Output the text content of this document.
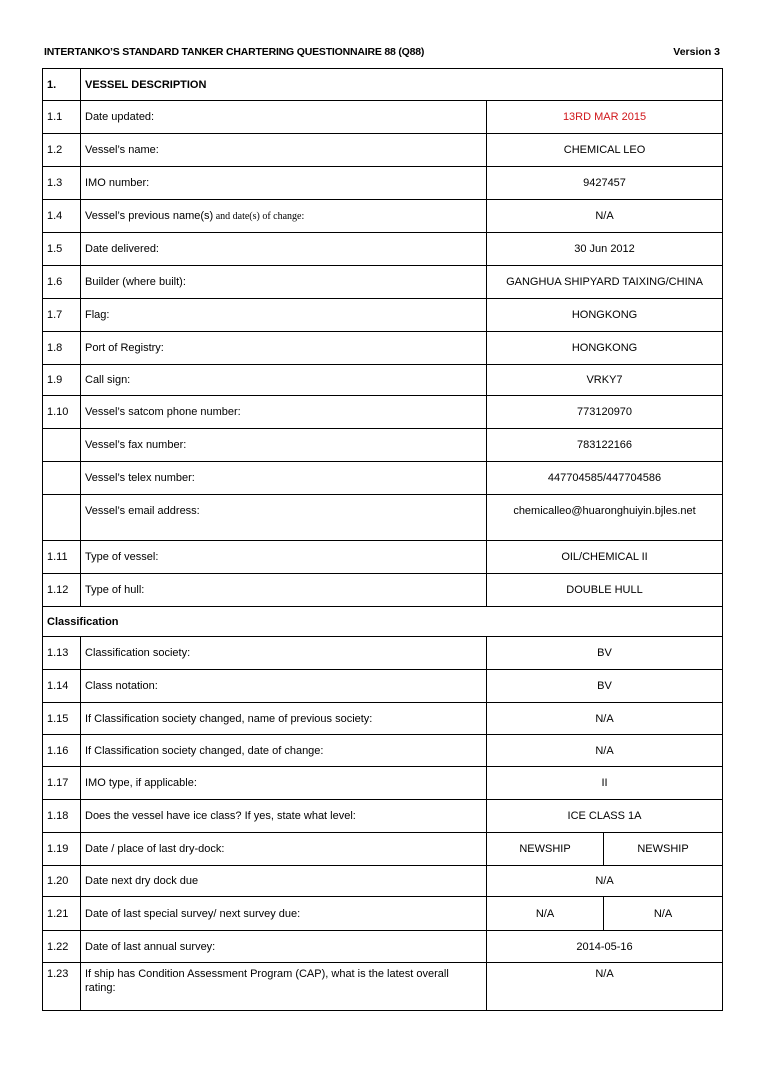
INTERTANKO’S STANDARD TANKER CHARTERING QUESTIONNAIRE 88 (Q88)	Version 3
1.	VESSEL DESCRIPTION		
1.1	Date updated:	13RD MAR 2015	
1.2	Vessel’s name:	CHEMICAL LEO	
1.3	IMO number:	9427457	
1.4	Vessel’s previous name(s) and date(s) of change:	N/A	
1.5	Date delivered:	30 Jun 2012	
1.6	Builder (where built):	GANGHUA SHIPYARD TAIXING/CHINA	
1.7	Flag:	HONGKONG	
1.8	Port of Registry:	HONGKONG	
1.9	Call sign:	VRKY7	
1.10	Vessel’s satcom phone number:	773120970	
	Vessel’s fax number:	783122166	
	Vessel’s telex number:	447704585/447704586	
	Vessel’s email address:	chemicalleo@huaronghuiyin.bjles.net	
1.11	Type of vessel:	OIL/CHEMICAL II	
1.12	Type of hull:	DOUBLE HULL	
Classification			
1.13	Classification society:	BV	
1.14	Class notation:	BV	
1.15	If Classification society changed, name of previous society:	N/A	
1.16	If Classification society changed, date of change:	N/A	
1.17	IMO type, if applicable:	II	
1.18	Does the vessel have ice class? If yes, state what level:	ICE CLASS 1A	
1.19	Date / place of last dry-dock:	NEWSHIP	NEWSHIP
1.20	Date next dry dock due	N/A	
1.21	Date of last special survey/ next survey due:	N/A	N/A
1.22	Date of last annual survey:	2014-05-16	
1.23	If ship has Condition Assessment Program (CAP), what is the latest overall rating:	N/A	
